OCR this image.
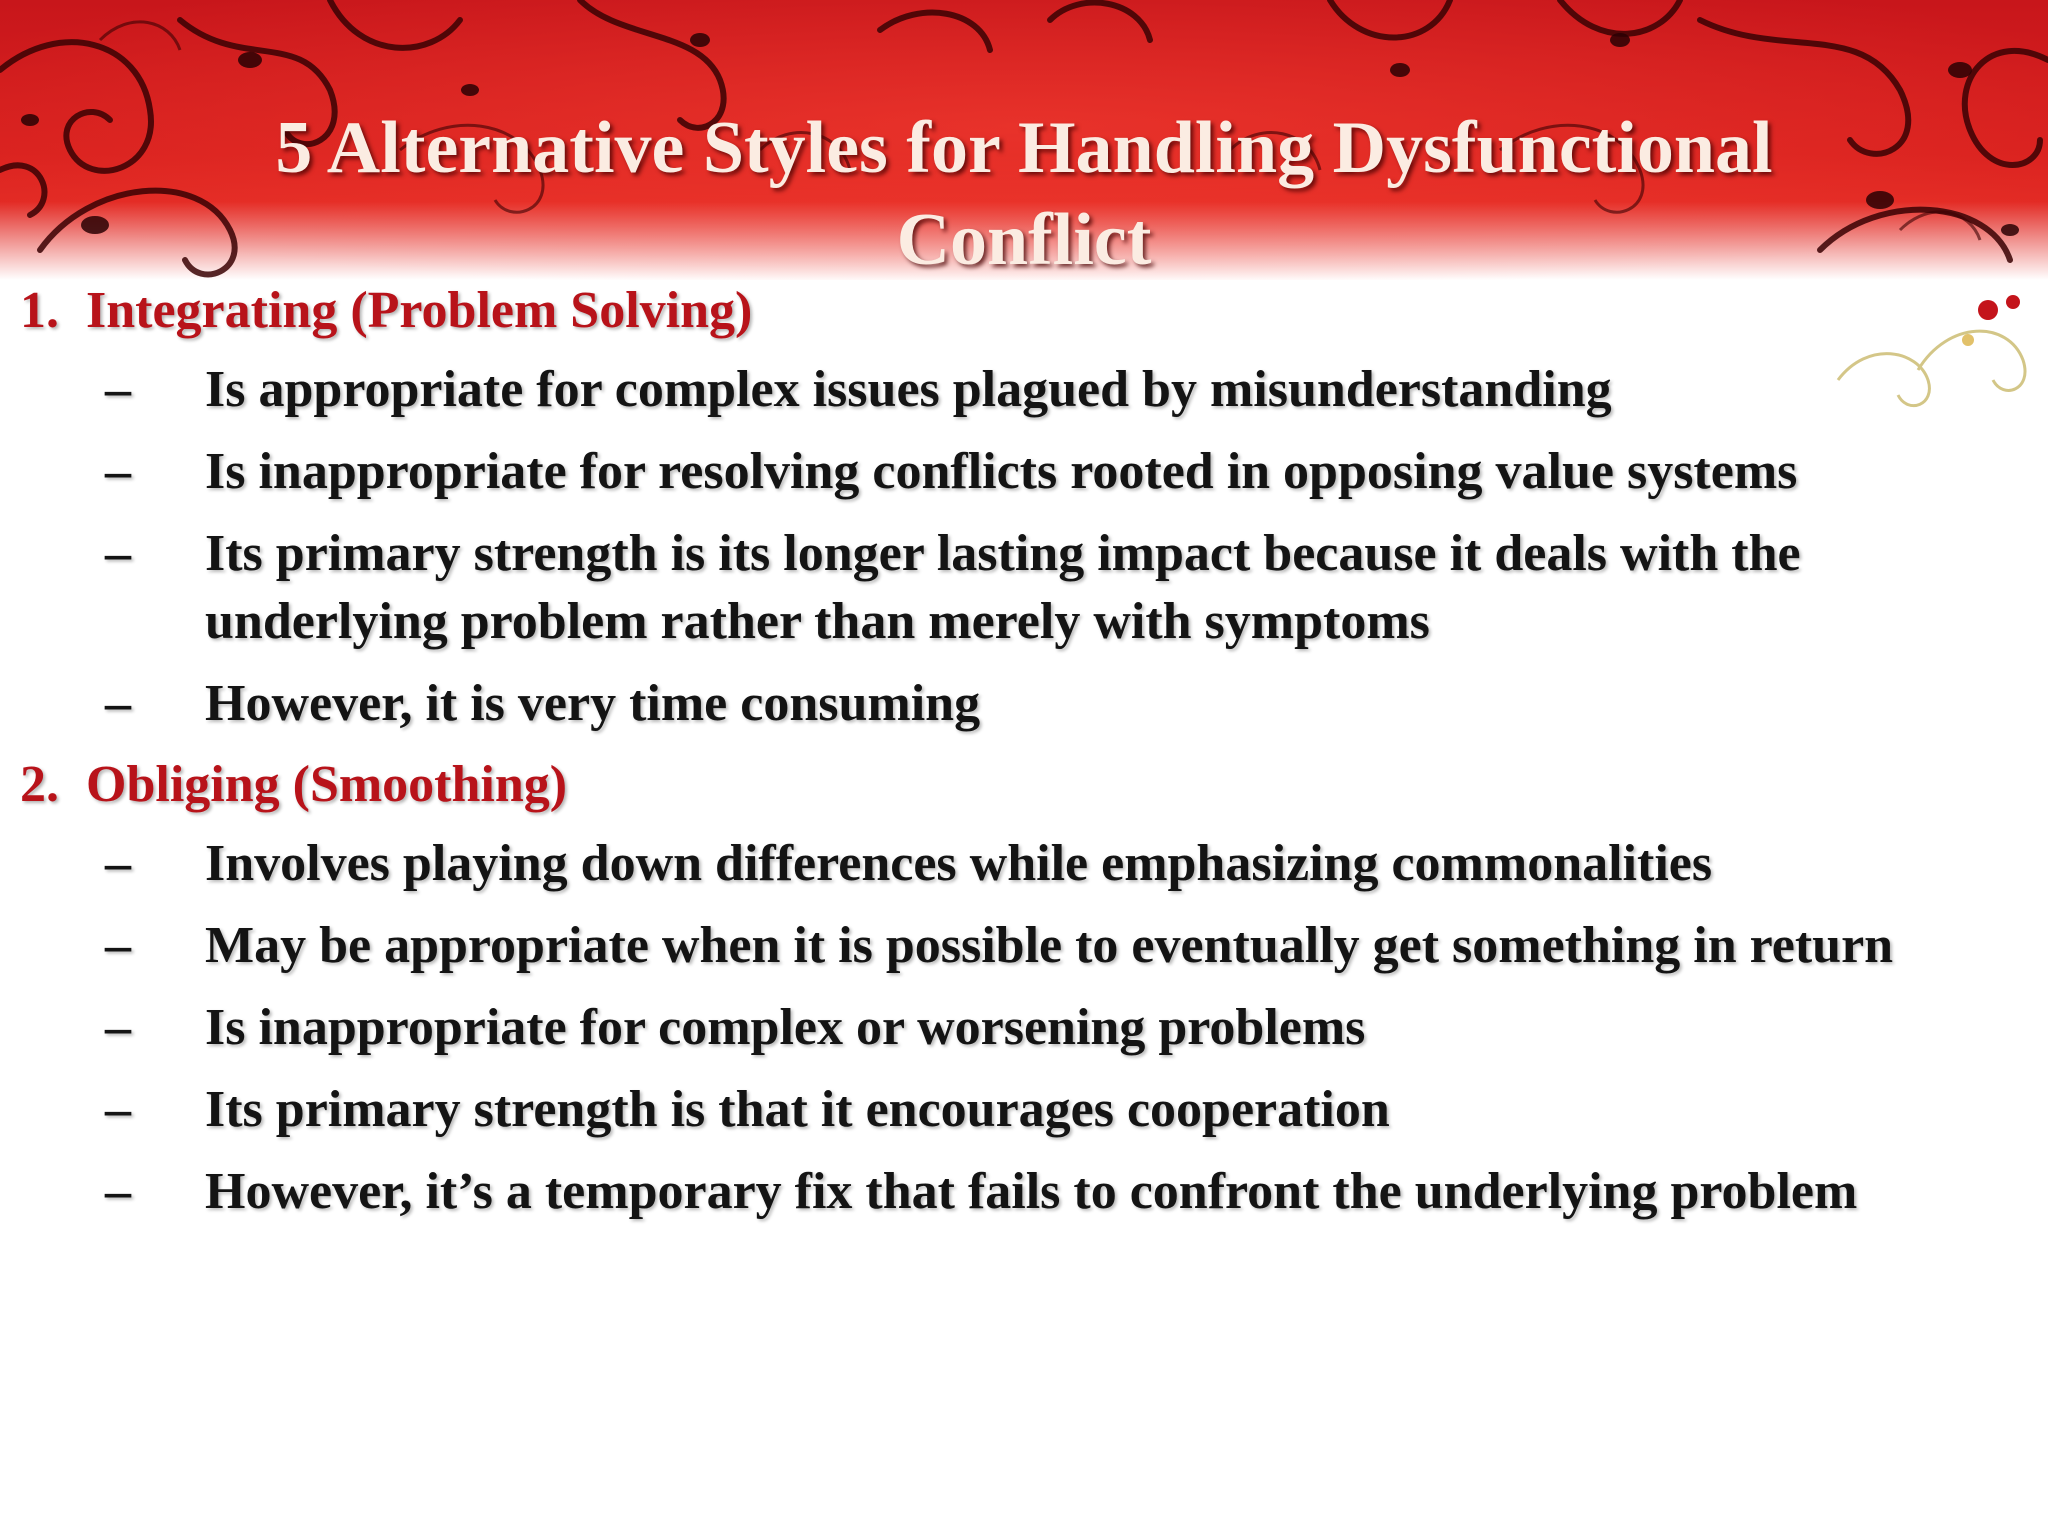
5 Alternative Styles for Handling Dysfunctional
Conflict
1. Integrating (Problem Solving)
–	Is appropriate for complex issues plagued by misunderstanding
–	Is inappropriate for resolving conflicts rooted in opposing value systems
–	Its primary strength is its longer lasting impact because it deals with the underlying problem rather than merely with symptoms
–	However, it is very time consuming
2. Obliging (Smoothing)
–	Involves playing down differences while emphasizing commonalities
–	May be appropriate when it is possible to eventually get something in return
–	Is inappropriate for complex or worsening problems
–	Its primary strength is that it encourages cooperation
–	However, it’s a temporary fix that fails to confront the underlying problem
